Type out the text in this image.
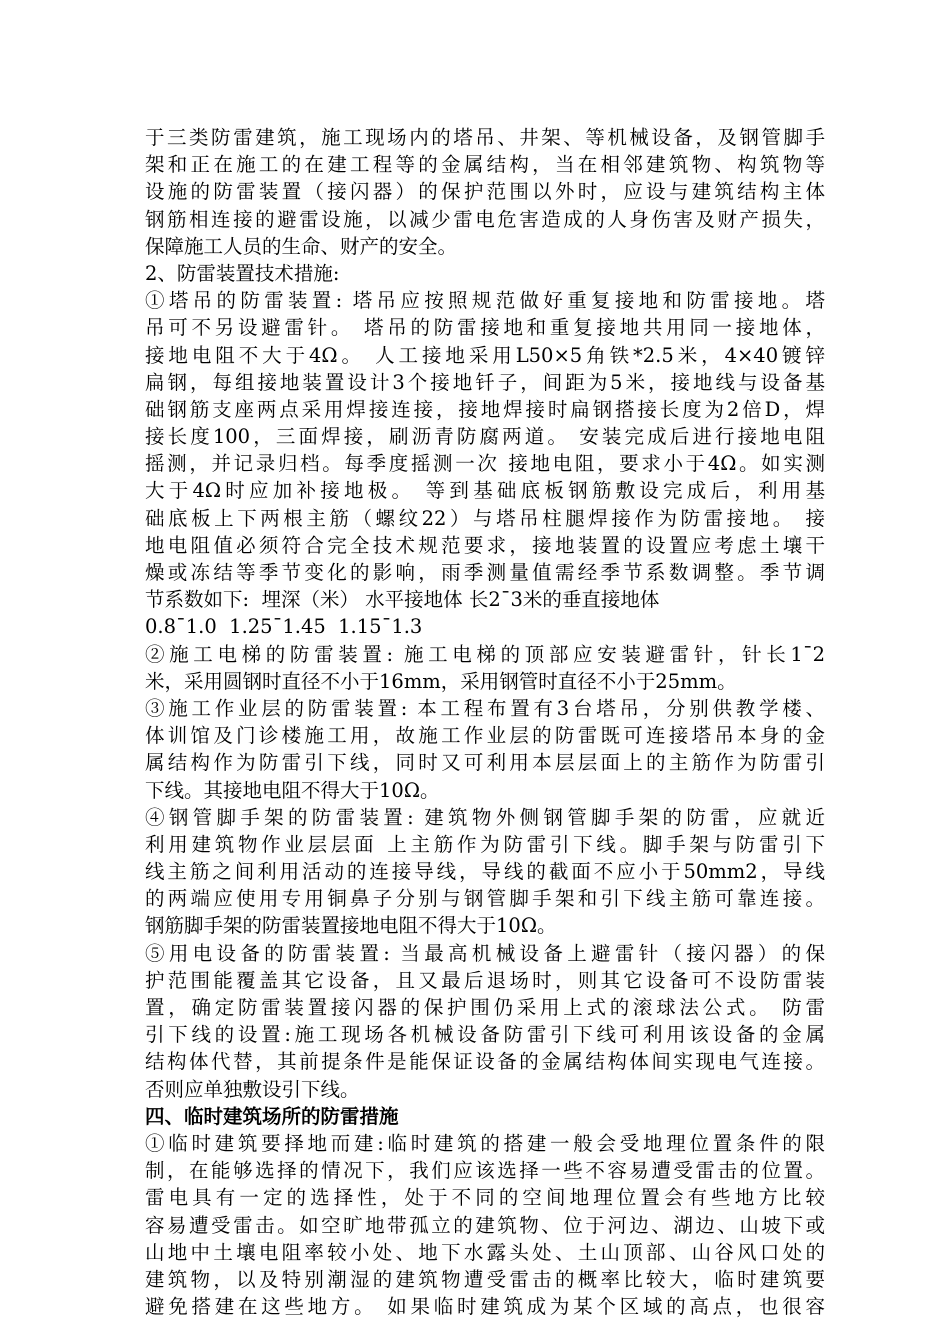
于三类防雷建筑，施工现场内的塔吊、井架、等机械设备，及钢管脚手
架和正在施工的在建工程等的金属结构，当在相邻建筑物、构筑物等
设施的防雷装置（接闪器）的保护范围以外时，应设与建筑结构主体
钢筋相连接的避雷设施，以减少雷电危害造成的人身伤害及财产损失，
保障施工人员的生命、财产的安全。
2、防雷装置技术措施:
①塔吊的防雷装置: 塔吊应按照规范做好重复接地和防雷接地。塔
吊可不另设避雷针。 塔吊的防雷接地和重复接地共用同一接地体，
接地电阻不大于4Ω。 人工接地采用L50×5角铁*2.5米，4×40镀锌
扁钢，每组接地装置设计3个接地钎子，间距为5米，接地线与设备基
础钢筋支座两点采用焊接连接，接地焊接时扁钢搭接长度为2倍D，焊
接长度100，三面焊接，刷沥青防腐两道。 安装完成后进行接地电阻
摇测，并记录归档。每季度摇测一次 接地电阻，要求小于4Ω。如实测
大于4Ω时应加补接地极。 等到基础底板钢筋敷设完成后，利用基
础底板上下两根主筋（螺纹22）与塔吊柱腿焊接作为防雷接地。 接
地电阻值必须符合完全技术规范要求，接地装置的设置应考虑土壤干
燥或冻结等季节变化的影响，雨季测量值需经季节系数调整。季节调
节系数如下:  埋深（米） 水平接地体 长2¯3米的垂直接地体
0.8¯1.0  1.25¯1.45  1.15¯1.3
②施工电梯的防雷装置: 施工电梯的顶部应安装避雷针，针长1¯2
米，采用圆钢时直径不小于16mm，采用钢管时直径不小于25mm。
③施工作业层的防雷装置: 本工程布置有3台塔吊，分别供教学楼、
体训馆及门诊楼施工用，故施工作业层的防雷既可连接塔吊本身的金
属结构作为防雷引下线，同时又可利用本层层面上的主筋作为防雷引
下线。其接地电阻不得大于10Ω。
④钢管脚手架的防雷装置: 建筑物外侧钢管脚手架的防雷，应就近
利用建筑物作业层层面 上主筋作为防雷引下线。脚手架与防雷引下
线主筋之间利用活动的连接导线，导线的截面不应小于50mm2，导线
的两端应使用专用铜鼻子分别与钢管脚手架和引下线主筋可靠连接。
钢筋脚手架的防雷装置接地电阻不得大于10Ω。
⑤用电设备的防雷装置: 当最高机械设备上避雷针（接闪器）的保
护范围能覆盖其它设备，且又最后退场时，则其它设备可不设防雷装
置，确定防雷装置接闪器的保护围仍采用上式的滚球法公式。 防雷
引下线的设置:施工现场各机械设备防雷引下线可利用该设备的金属
结构体代替，其前提条件是能保证设备的金属结构体间实现电气连接。
否则应单独敷设引下线。
四、临时建筑场所的防雷措施
①临时建筑要择地而建:临时建筑的搭建一般会受地理位置条件的限
制，在能够选择的情况下，我们应该选择一些不容易遭受雷击的位置。
雷电具有一定的选择性，处于不同的空间地理位置会有些地方比较
容易遭受雷击。如空旷地带孤立的建筑物、位于河边、湖边、山坡下或
山地中土壤电阻率较小处、地下水露头处、土山顶部、山谷风口处的
建筑物，以及特别潮湿的建筑物遭受雷击的概率比较大，临时建筑要
避免搭建在这些地方。 如果临时建筑成为某个区域的高点，也很容
